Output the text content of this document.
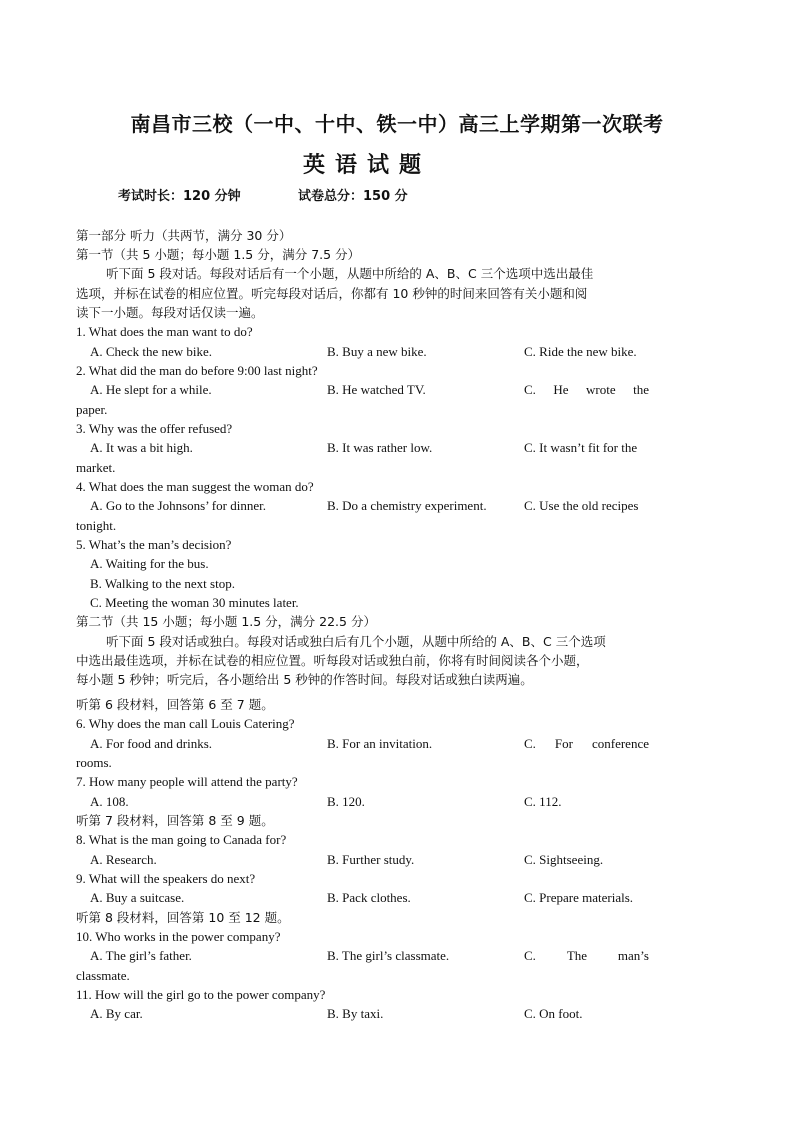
南昌市三校（一中、十中、铁一中）高三上学期第一次联考
英语试题
考试时长：120 分钟	试卷总分：150 分
第一部分 听力（共两节，满分 30 分）
第一节（共 5 小题；每小题 1.5 分，满分 7.5 分）
听下面 5 段对话。每段对话后有一个小题，从题中所给的 A、B、C 三个选项中选出最佳
选项，并标在试卷的相应位置。听完每段对话后，你都有 10 秒钟的时间来回答有关小题和阅
读下一小题。每段对话仅读一遍。
1. What does the man want to do?
A. Check the new bike.	B. Buy a new bike.	C. Ride the new bike.
2. What did the man do before 9:00 last night?
A. He slept for a while.	B. He watched TV.	C. He wrote the
paper.
3. Why was the offer refused?
A. It was a bit high.	B. It was rather low.	C. It wasn’t fit for the
market.
4. What does the man suggest the woman do?
A. Go to the Johnsons’ for dinner.	B. Do a chemistry experiment.	C. Use the old recipes
tonight.
5. What’s the man’s decision?
A. Waiting for the bus.
B. Walking to the next stop.
C. Meeting the woman 30 minutes later.
第二节（共 15 小题；每小题 1.5 分，满分 22.5 分）
听下面 5 段对话或独白。每段对话或独白后有几个小题，从题中所给的 A、B、C 三个选项
中选出最佳选项，并标在试卷的相应位置。听每段对话或独白前，你将有时间阅读各个小题，
每小题 5 秒钟；听完后，各小题给出 5 秒钟的作答时间。每段对话或独白读两遍。
听第 6 段材料，回答第 6 至 7 题。
6. Why does the man call Louis Catering?
A. For food and drinks.	B. For an invitation.	C. For conference
rooms.
7. How many people will attend the party?
A. 108.	B. 120.	C. 112.
听第 7 段材料，回答第 8 至 9 题。
8. What is the man going to Canada for?
A. Research.	B. Further study.	C. Sightseeing.
9. What will the speakers do next?
A. Buy a suitcase.	B. Pack clothes.	C. Prepare materials.
听第 8 段材料，回答第 10 至 12 题。
10. Who works in the power company?
A. The girl’s father.	B. The girl’s classmate.	C. The man’s
classmate.
11. How will the girl go to the power company?
A. By car.	B. By taxi.	C. On foot.
